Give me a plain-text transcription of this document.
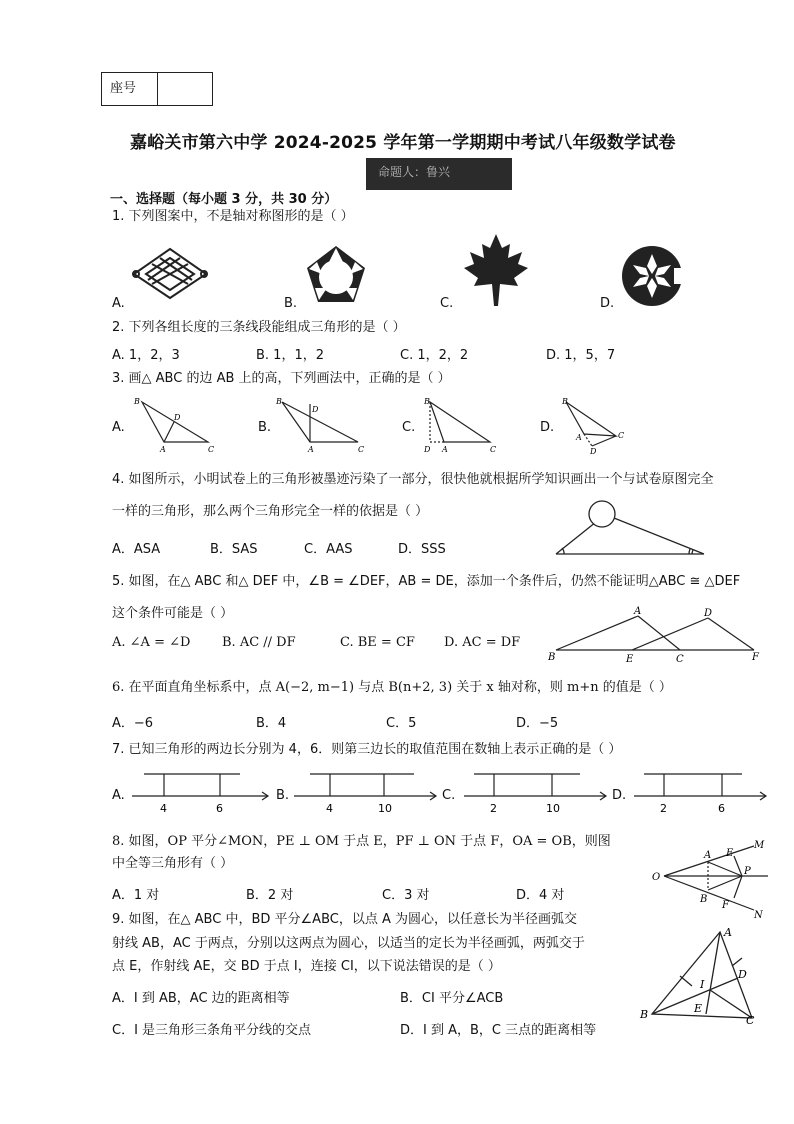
座号
嘉峪关市第六中学 2024-2025 学年第一学期期中考试八年级数学试卷
命题人：鲁兴
一、选择题（每小题 3 分，共 30 分）
1. 下列图案中，不是轴对称图形的是（ ）
A.	B.	C.	D.
2. 下列各组长度的三条线段能组成三角形的是（ ）
A. 1，2，3	B. 1，1，2	C. 1，2，2	D. 1，5，7
3. 画△ ABC 的边 AB 上的高，下列画法中，正确的是（ ）
A.	B.	C.	D.
B
D
A	C
B
D
A	C
B
D A	C
B
D
A	C
4. 如图所示，小明试卷上的三角形被墨迹污染了一部分，很快他就根据所学知识画出一个与试卷原图完全
一样的三角形，那么两个三角形完全一样的依据是（ ）
A．ASA	B．SAS	C．AAS	D．SSS
5. 如图，在△ ABC 和△ DEF 中，∠B = ∠DEF，AB = DE，添加一个条件后，仍然不能证明△ABC ≅ △DEF
这个条件可能是（ ）
A. ∠A = ∠D B. AC // DF	C. BE = CF D. AC = DF
A	D
B	E	C	F
6. 在平面直角坐标系中，点 A(−2, m−1) 与点 B(n+2, 3) 关于 x 轴对称，则 m+n 的值是（ ）
A．−6	B．4	C．5	D．−5
7. 已知三角形的两边长分别为 4，6．则第三边长的取值范围在数轴上表示正确的是（ ）
A.	B.	C.	D.
4	6	4	10	2	10	2	6
8. 如图，OP 平分∠MON，PE ⊥ OM 于点 E，PF ⊥ ON 于点 F，OA = OB，则图
中全等三角形有（ ）
A．1 对	B．2 对	C．3 对	D．4 对
M
A E
O
P
B
F
N
9. 如图，在△ ABC 中，BD 平分∠ABC，以点 A 为圆心，以任意长为半径画弧交
射线 AB，AC 于两点，分别以这两点为圆心，以适当的定长为半径画弧，两弧交于
点 E，作射线 AE，交 BD 于点 I，连接 CI，以下说法错误的是（ ）
A．I 到 AB，AC 边的距离相等	B．CI 平分∠ACB
C．I 是三角形三条角平分线的交点	D．I 到 A，B，C 三点的距离相等
A
D
I
E
B	C
